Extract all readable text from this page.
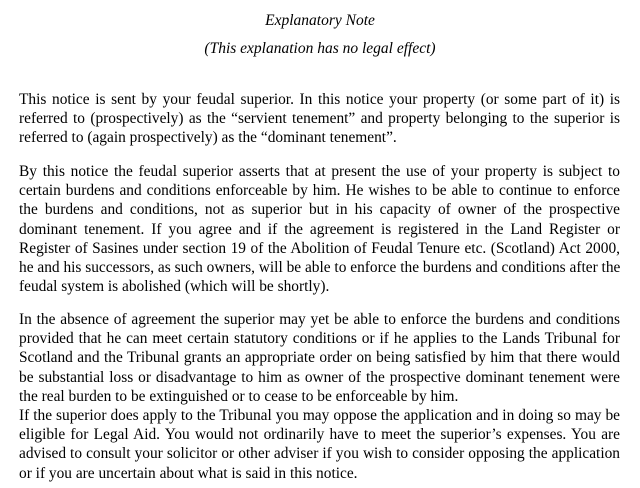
Explanatory Note
(This explanation has no legal effect)
This notice is sent by your feudal superior. In this notice your property (or some part of it) is
referred to (prospectively) as the “servient tenement” and property belonging to the superior is
referred to (again prospectively) as the “dominant tenement”.
By this notice the feudal superior asserts that at present the use of your property is subject to
certain burdens and conditions enforceable by him. He wishes to be able to continue to enforce
the burdens and conditions, not as superior but in his capacity of owner of the prospective
dominant tenement. If you agree and if the agreement is registered in the Land Register or
Register of Sasines under section 19 of the Abolition of Feudal Tenure etc. (Scotland) Act 2000,
he and his successors, as such owners, will be able to enforce the burdens and conditions after the
feudal system is abolished (which will be shortly).
In the absence of agreement the superior may yet be able to enforce the burdens and conditions
provided that he can meet certain statutory conditions or if he applies to the Lands Tribunal for
Scotland and the Tribunal grants an appropriate order on being satisfied by him that there would
be substantial loss or disadvantage to him as owner of the prospective dominant tenement were
the real burden to be extinguished or to cease to be enforceable by him.
If the superior does apply to the Tribunal you may oppose the application and in doing so may be
eligible for Legal Aid. You would not ordinarily have to meet the superior’s expenses. You are
advised to consult your solicitor or other adviser if you wish to consider opposing the application
or if you are uncertain about what is said in this notice.
